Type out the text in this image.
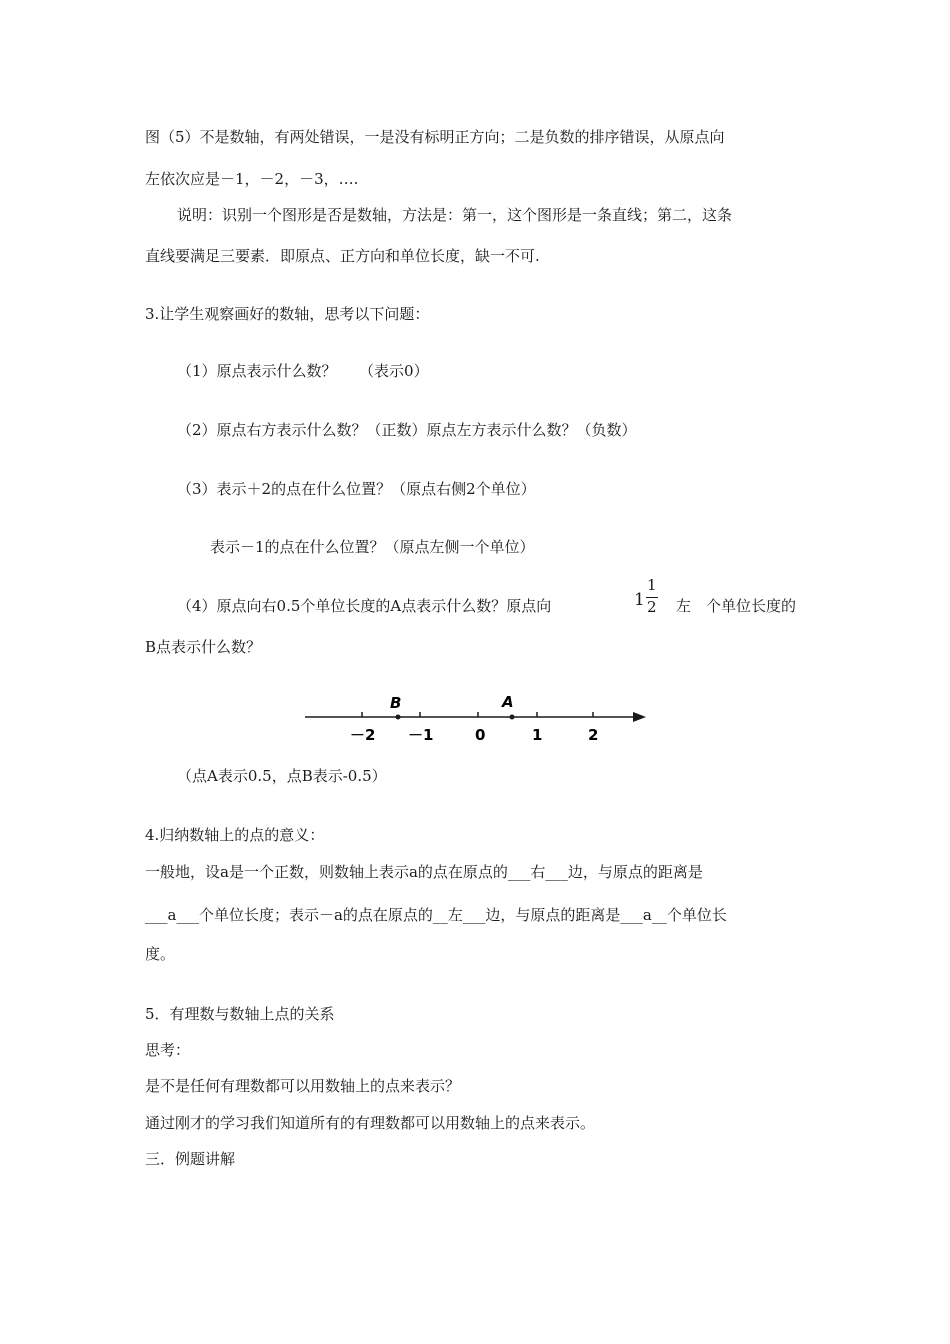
图（5）不是数轴，有两处错误，一是没有标明正方向；二是负数的排序错误，从原点向
左依次应是－1，－2，－3，….
说明：识别一个图形是否是数轴，方法是：第一，这个图形是一条直线；第二，这条
直线要满足三要素．即原点、正方向和单位长度，缺一不可.
3.让学生观察画好的数轴，思考以下问题：
（1）原点表示什么数？　　（表示0）
（2）原点右方表示什么数？（正数）原点左方表示什么数？（负数）
（3）表示＋2的点在什么位置？（原点右侧2个单位）
表示－1的点在什么位置？（原点左侧一个单位）
（4）原点向右0.5个单位长度的A点表示什么数？原点向	1
1
2 左　个单位长度的
B点表示什么数？
B	A
－2 －1	0	1	2
（点A表示0.5，点B表示-0.5）
4.归纳数轴上的点的意义：
一般地，设a是一个正数，则数轴上表示a的点在原点的___右___边，与原点的距离是
___a___个单位长度；表示－a的点在原点的__左___边，与原点的距离是___a__个单位长
度。
5．有理数与数轴上点的关系
思考：
是不是任何有理数都可以用数轴上的点来表示？
通过刚才的学习我们知道所有的有理数都可以用数轴上的点来表示。
三．例题讲解
